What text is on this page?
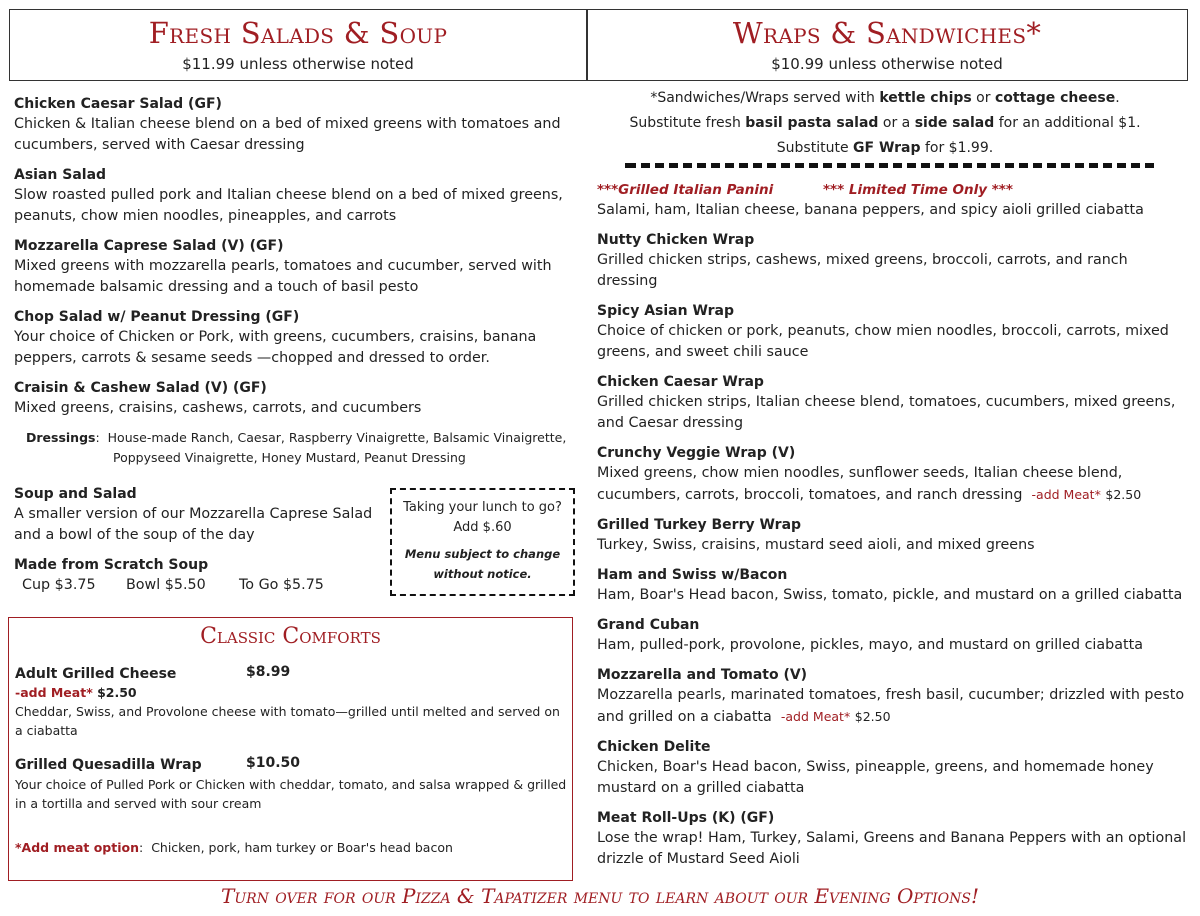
Fresh Salads & Soup
$11.99 unless otherwise noted
Wraps & Sandwiches*
$10.99 unless otherwise noted
Chicken Caesar Salad (GF)
Chicken & Italian cheese blend on a bed of mixed greens with tomatoes and cucumbers, served with Caesar dressing
Asian Salad
Slow roasted pulled pork and Italian cheese blend on a bed of mixed greens, peanuts, chow mien noodles, pineapples, and carrots
Mozzarella Caprese Salad (V) (GF)
Mixed greens with mozzarella pearls, tomatoes and cucumber, served with homemade balsamic dressing and a touch of basil pesto
Chop Salad w/ Peanut Dressing (GF)
Your choice of Chicken or Pork, with greens, cucumbers, craisins, banana peppers, carrots & sesame seeds —chopped and dressed to order.
Craisin & Cashew Salad (V) (GF)
Mixed greens, craisins, cashews, carrots, and cucumbers
Dressings:  House-made Ranch, Caesar, Raspberry Vinaigrette, Balsamic Vinaigrette,
Poppyseed Vinaigrette, Honey Mustard, Peanut Dressing
Soup and Salad
A smaller version of our Mozzarella Caprese Salad and a bowl of the soup of the day
Made from Scratch Soup
Cup $3.75 Bowl $5.50 To Go $5.75
Taking your lunch to go?
Add $.60
Menu subject to change
without notice.
Classic Comforts
Adult Grilled Cheese	$8.99
-add Meat* $2.50
Cheddar, Swiss, and Provolone cheese with tomato—grilled until melted and served on a ciabatta
Grilled Quesadilla Wrap	$10.50
Your choice of Pulled Pork or Chicken with cheddar, tomato, and salsa wrapped & grilled in a tortilla and served with sour cream
*Add meat option:  Chicken, pork, ham turkey or Boar's head bacon
*Sandwiches/Wraps served with kettle chips or cottage cheese.
Substitute fresh basil pasta salad or a side salad for an additional $1.
Substitute GF Wrap for $1.99.
***Grilled Italian Panini	*** Limited Time Only ***
Salami, ham, Italian cheese, banana peppers, and spicy aioli grilled ciabatta
Nutty Chicken Wrap
Grilled chicken strips, cashews, mixed greens, broccoli, carrots, and ranch dressing
Spicy Asian Wrap
Choice of chicken or pork, peanuts, chow mien noodles, broccoli, carrots, mixed greens, and sweet chili sauce
Chicken Caesar Wrap
Grilled chicken strips, Italian cheese blend, tomatoes, cucumbers, mixed greens, and Caesar dressing
Crunchy Veggie Wrap (V)
Mixed greens, chow mien noodles, sunflower seeds, Italian cheese blend, cucumbers, carrots, broccoli, tomatoes, and ranch dressing -add Meat* $2.50
Grilled Turkey Berry Wrap
Turkey, Swiss, craisins, mustard seed aioli, and mixed greens
Ham and Swiss w/Bacon
Ham, Boar's Head bacon, Swiss, tomato, pickle, and mustard on a grilled ciabatta
Grand Cuban
Ham, pulled-pork, provolone, pickles, mayo, and mustard on grilled ciabatta
Mozzarella and Tomato (V)
Mozzarella pearls, marinated tomatoes, fresh basil, cucumber; drizzled with pesto and grilled on a ciabatta -add Meat* $2.50
Chicken Delite
Chicken, Boar's Head bacon, Swiss, pineapple, greens, and homemade honey mustard on a grilled ciabatta
Meat Roll-Ups (K) (GF)
Lose the wrap! Ham, Turkey, Salami, Greens and Banana Peppers with an optional drizzle of Mustard Seed Aioli
Turn over for our Pizza & Tapatizer menu to learn about our Evening Options!
